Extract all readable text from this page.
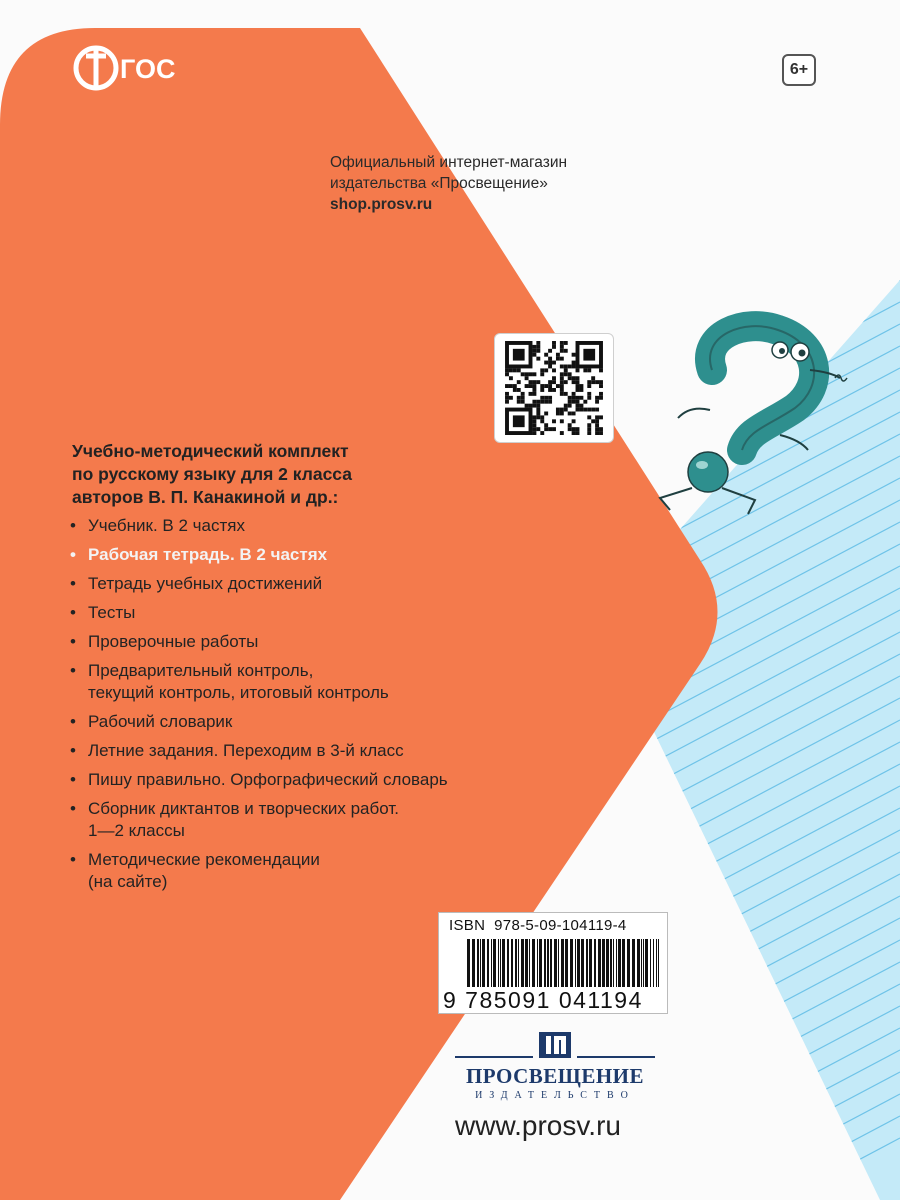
ГОС	6+
Официальный интернет-магазин
издательства «Просвещение»
shop.prosv.ru
Учебно-методический комплект
по русскому языку для 2 класса
авторов В. П. Канакиной и др.:
• Учебник. В 2 частях
• Рабочая тетрадь. В 2 частях
• Тетрадь учебных достижений
• Тесты
• Проверочные работы
• Предварительный контроль,
текущий контроль, итоговый контроль
• Рабочий словарик
• Летние задания. Переходим в 3-й класс
• Пишу правильно. Орфографический словарь
• Сборник диктантов и творческих работ.
1—2 классы
• Методические рекомендации
(на сайте)
ISBN 978-5-09-104119-4
9 785091 041194
ПРОСВЕЩЕНИЕ
ИЗДАТЕЛЬСТВО
www.prosv.ru
